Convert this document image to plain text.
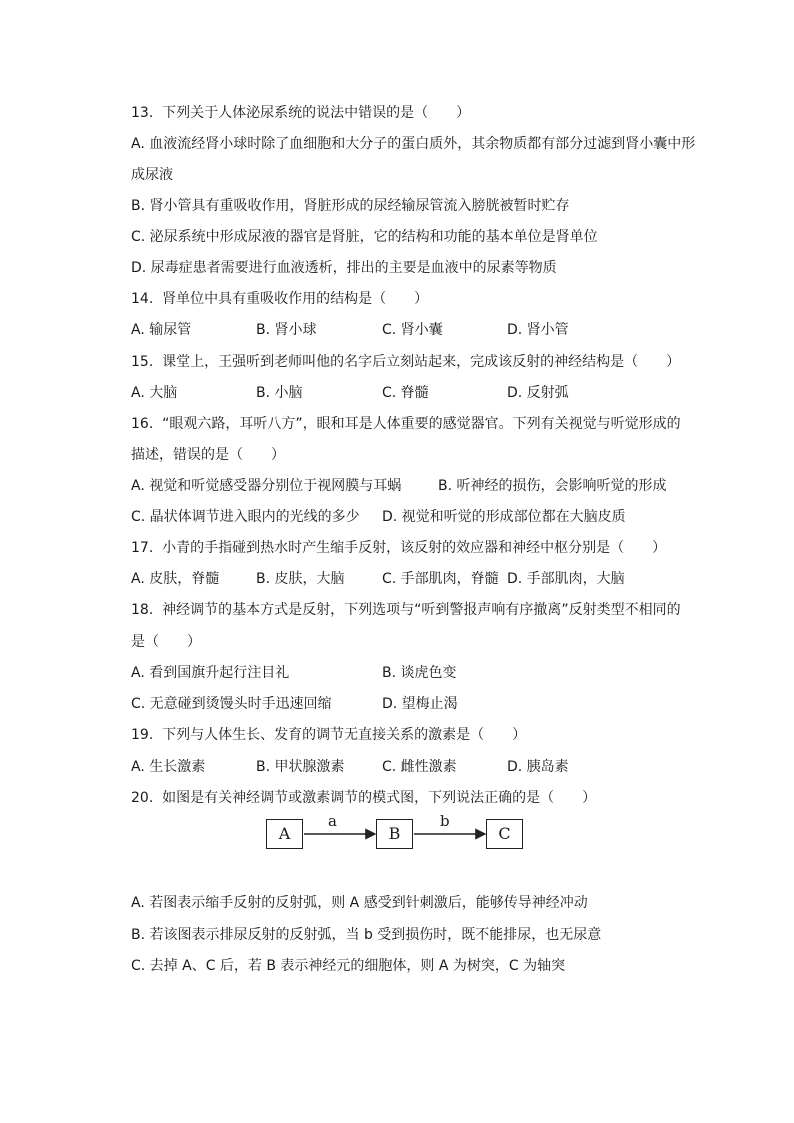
13.  下列关于人体泌尿系统的说法中错误的是（　　）
A. 血液流经肾小球时除了血细胞和大分子的蛋白质外，其余物质都有部分过滤到肾小囊中形
成尿液
B. 肾小管具有重吸收作用，肾脏形成的尿经输尿管流入膀胱被暂时贮存
C. 泌尿系统中形成尿液的器官是肾脏，它的结构和功能的基本单位是肾单位
D. 尿毒症患者需要进行血液透析，排出的主要是血液中的尿素等物质
14.  肾单位中具有重吸收作用的结构是（　　）
A. 输尿管	B. 肾小球	C. 肾小囊	D. 肾小管
15.  课堂上，王强听到老师叫他的名字后立刻站起来，完成该反射的神经结构是（　　）
A. 大脑	B. 小脑	C. 脊髓	D. 反射弧
16.  “眼观六路，耳听八方”，眼和耳是人体重要的感觉器官。下列有关视觉与听觉形成的
描述，错误的是（　　）
A. 视觉和听觉感受器分别位于视网膜与耳蜗	B. 听神经的损伤，会影响听觉的形成
C. 晶状体调节进入眼内的光线的多少 D. 视觉和听觉的形成部位都在大脑皮质
17.  小青的手指碰到热水时产生缩手反射，该反射的效应器和神经中枢分别是（　　）
A. 皮肤，脊髓	B. 皮肤，大脑	C. 手部肌肉，脊髓 D. 手部肌肉，大脑
18.  神经调节的基本方式是反射，下列选项与“听到警报声响有序撤离”反射类型不相同的
是（　　）
A. 看到国旗升起行注目礼	B. 谈虎色变
C. 无意碰到烫馒头时手迅速回缩	D. 望梅止渴
19.  下列与人体生长、发育的调节无直接关系的激素是（　　）
A. 生长激素	B. 甲状腺激素	C. 雌性激素	D. 胰岛素
20.  如图是有关神经调节或激素调节的模式图，下列说法正确的是（　　）
A	B	C
a	b
A. 若图表示缩手反射的反射弧，则 A 感受到针刺激后，能够传导神经冲动
B. 若该图表示排尿反射的反射弧，当 b 受到损伤时，既不能排尿，也无尿意
C. 去掉 A、C 后，若 B 表示神经元的细胞体，则 A 为树突，C 为轴突
